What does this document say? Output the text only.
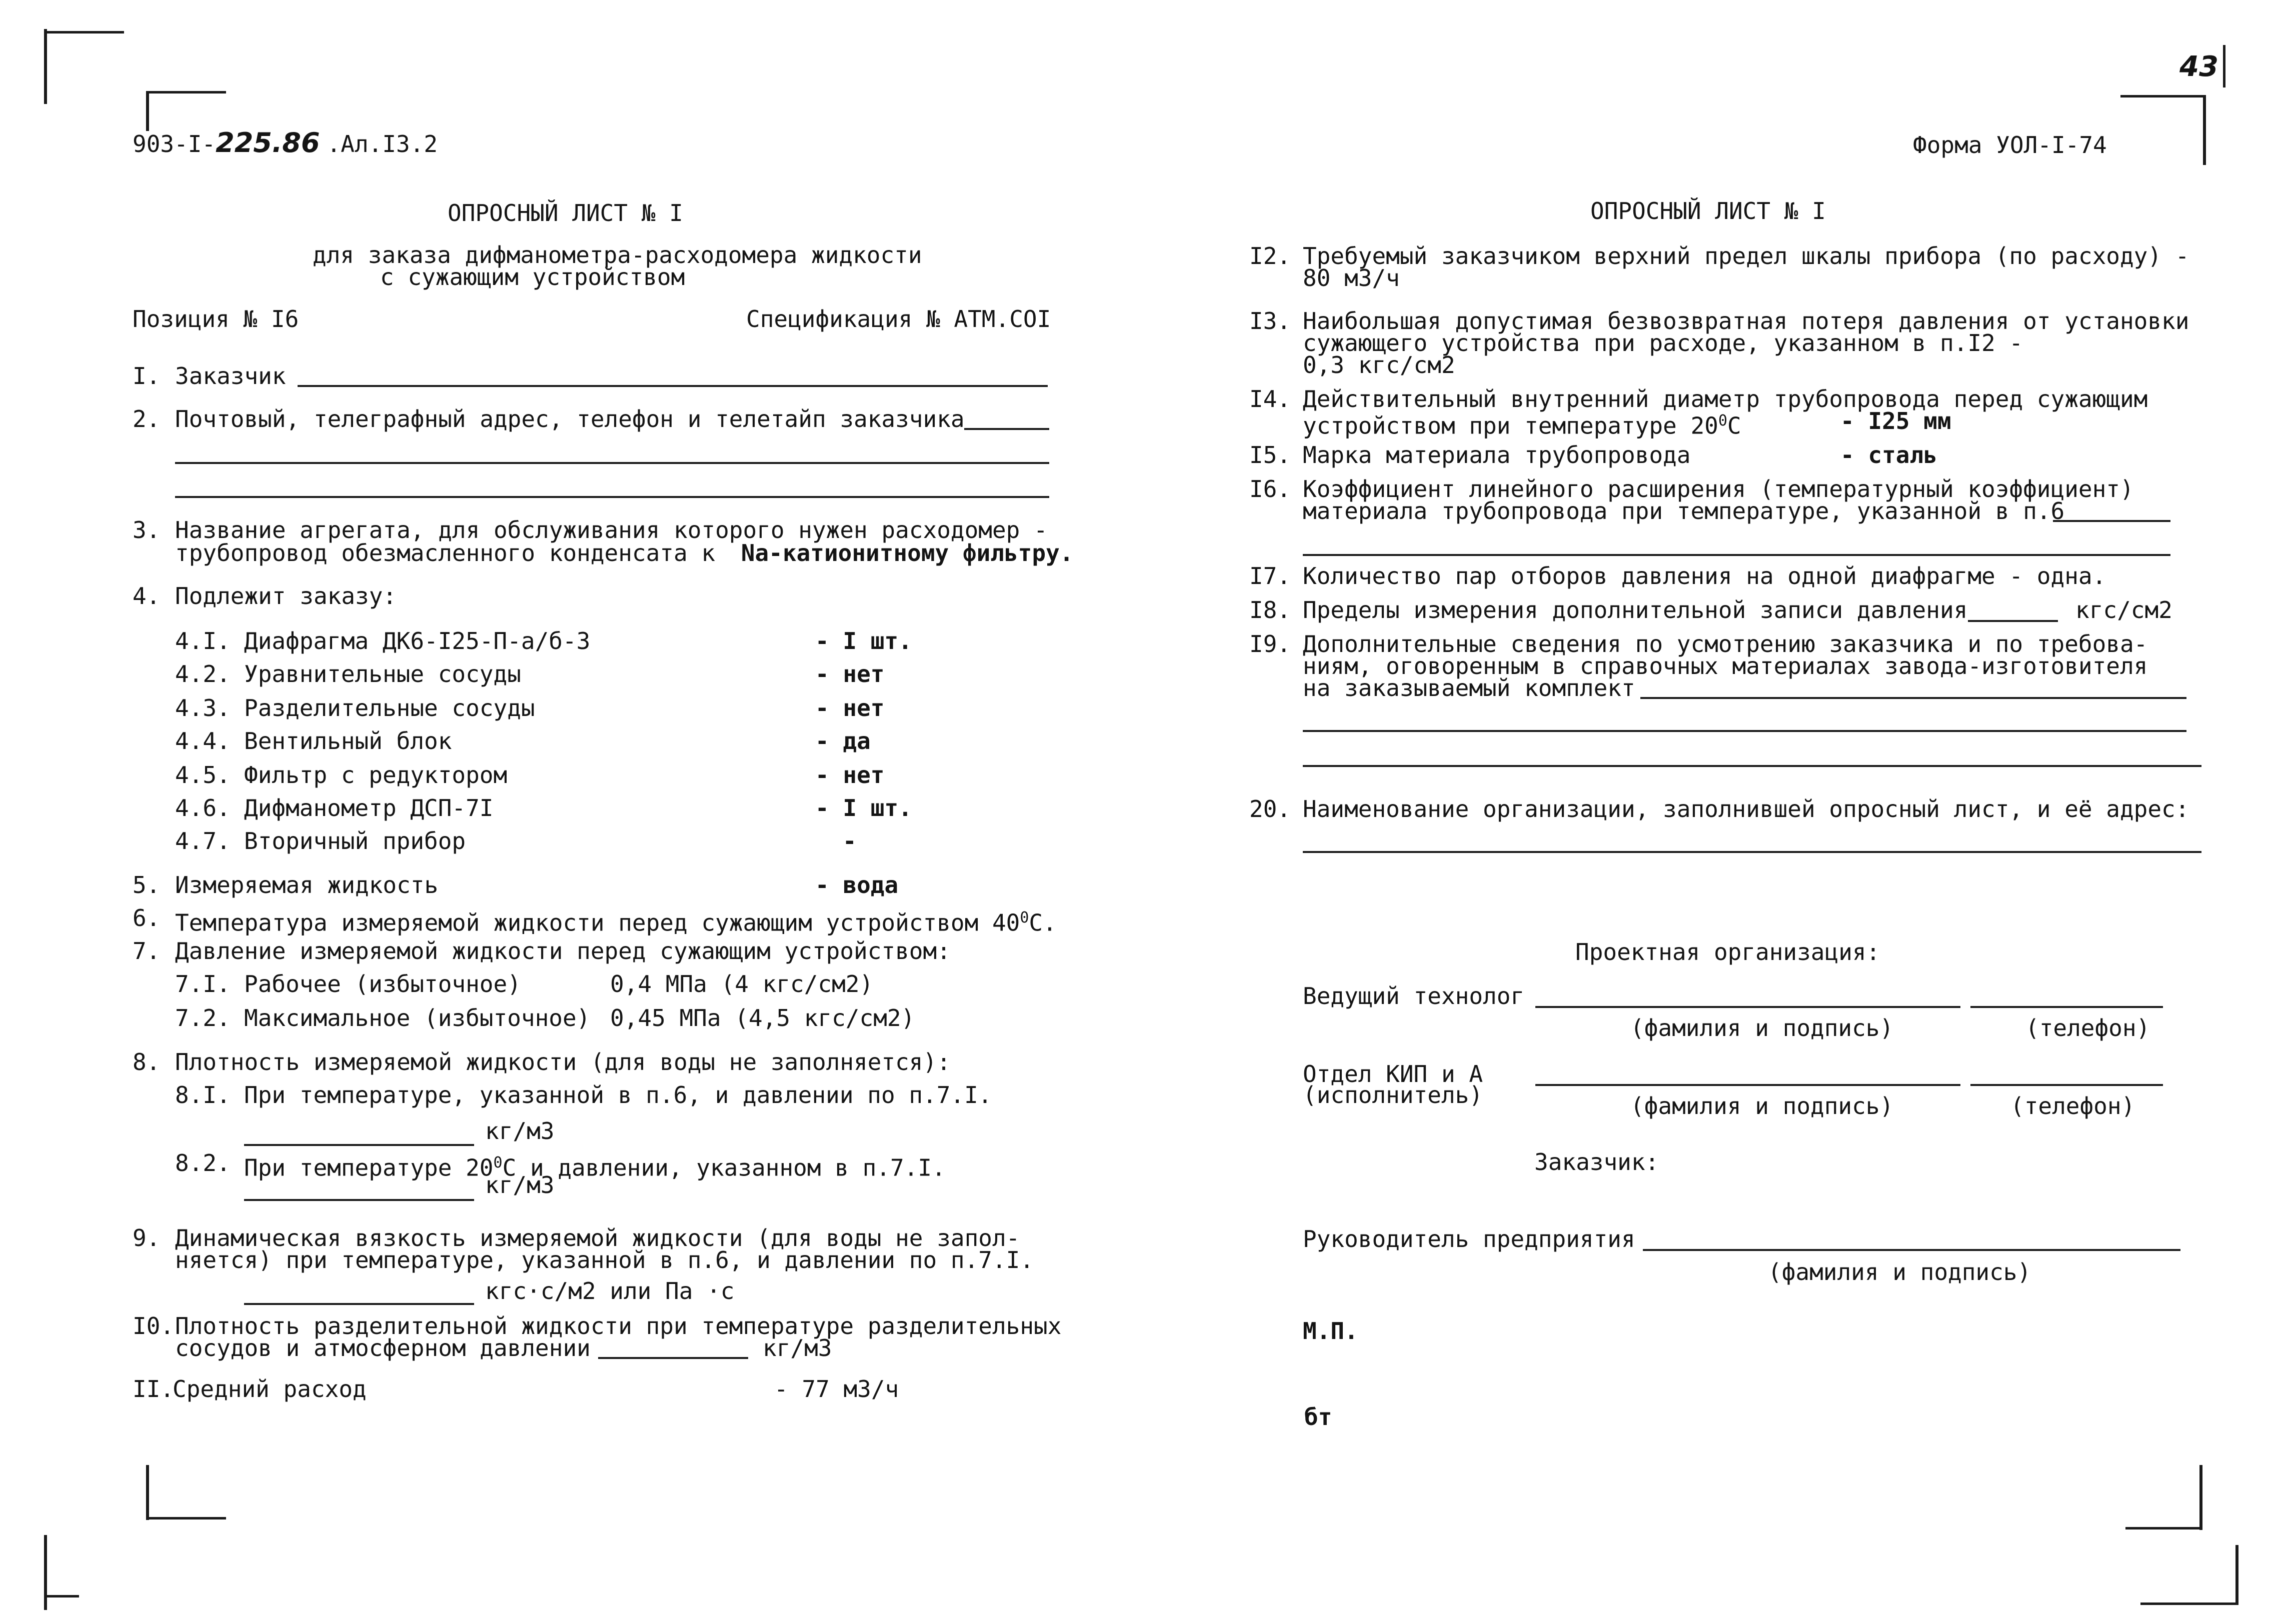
903-I-225.86 .Ал.I3.2
ОПРОСНЫЙ ЛИСТ № I
для заказа дифманометра-расходомера жидкости
с сужающим устройством
Позиция № I6	Спецификация № АТМ.СОI
I. Заказчик
2. Почтовый, телеграфный адрес, телефон и телетайп заказчика
3. Название агрегата, для обслуживания которого нужен расходомер -
трубопровод обезмасленного конденсата к Na-катионитному фильтру.
4. Подлежит заказу:
4.I. Диафрагма ДК6-I25-П-а/б-3	- I шт.
4.2. Уравнительные сосуды	- нет
4.3. Разделительные сосуды	- нет
4.4. Вентильный блок	- да
4.5. Фильтр с редуктором	- нет
4.6. Дифманометр ДСП-7I	- I шт.
4.7. Вторичный прибор	-
5. Измеряемая жидкость	- вода
6. Температура измеряемой жидкости перед сужающим устройством $40^0С$.
7. Давление измеряемой жидкости перед сужающим устройством:
7.I. Рабочее (избыточное)	0,4 МПа (4 кгс/см2)
7.2. Максимальное (избыточное) 0,45 МПа (4,5 кгс/см2)
8. Плотность измеряемой жидкости (для воды не заполняется):
8.I. При температуре, указанной в п.6, и давлении по п.7.I.
кг/м3
8.2. При температуре $20^0С$ и давлении, указанном в п.7.I.
кг/м3
9. Динамическая вязкость измеряемой жидкости (для воды не запол-
няется) при температуре, указанной в п.6, и давлении по п.7.I.
кгс·с/м2 или Па ·с
I0. Плотность разделительной жидкости при температуре разделительных
сосудов и атмосферном давлении	кг/м3
II.
Средний расход	- 77 м3/ч
43
Форма УОЛ-I-74
ОПРОСНЫЙ ЛИСТ № I
I2. Требуемый заказчиком верхний предел шкалы прибора (по расходу) -
80 м3/ч
I3. Наибольшая допустимая безвозвратная потеря давления от установки
сужающего устройства при расходе, указанном в п.I2 -
0,3 кгс/см2
I4. Действительный внутренний диаметр трубопровода перед сужающим
устройством при температуре $20^0С$	- I25 мм
I5. Марка материала трубопровода	- сталь
I6. Коэффициент линейного расширения (температурный коэффициент)
материала трубопровода при температуре, указанной в п.6
I7. Количество пар отборов давления на одной диафрагме - одна.
I8. Пределы измерения дополнительной записи давления	кгс/см2
I9. Дополнительные сведения по усмотрению заказчика и по требова-
ниям, оговоренным в справочных материалах завода-изготовителя
на заказываемый комплект
20. Наименование организации, заполнившей опросный лист, и её адрес:
Проектная организация:
Ведущий технолог
(фамилия и подпись)	(телефон)
Отдел КИП и А
(исполнитель)	(фамилия и подпись)	(телефон)
Заказчик:
Руководитель предприятия
(фамилия и подпись)
М.П.
бт
